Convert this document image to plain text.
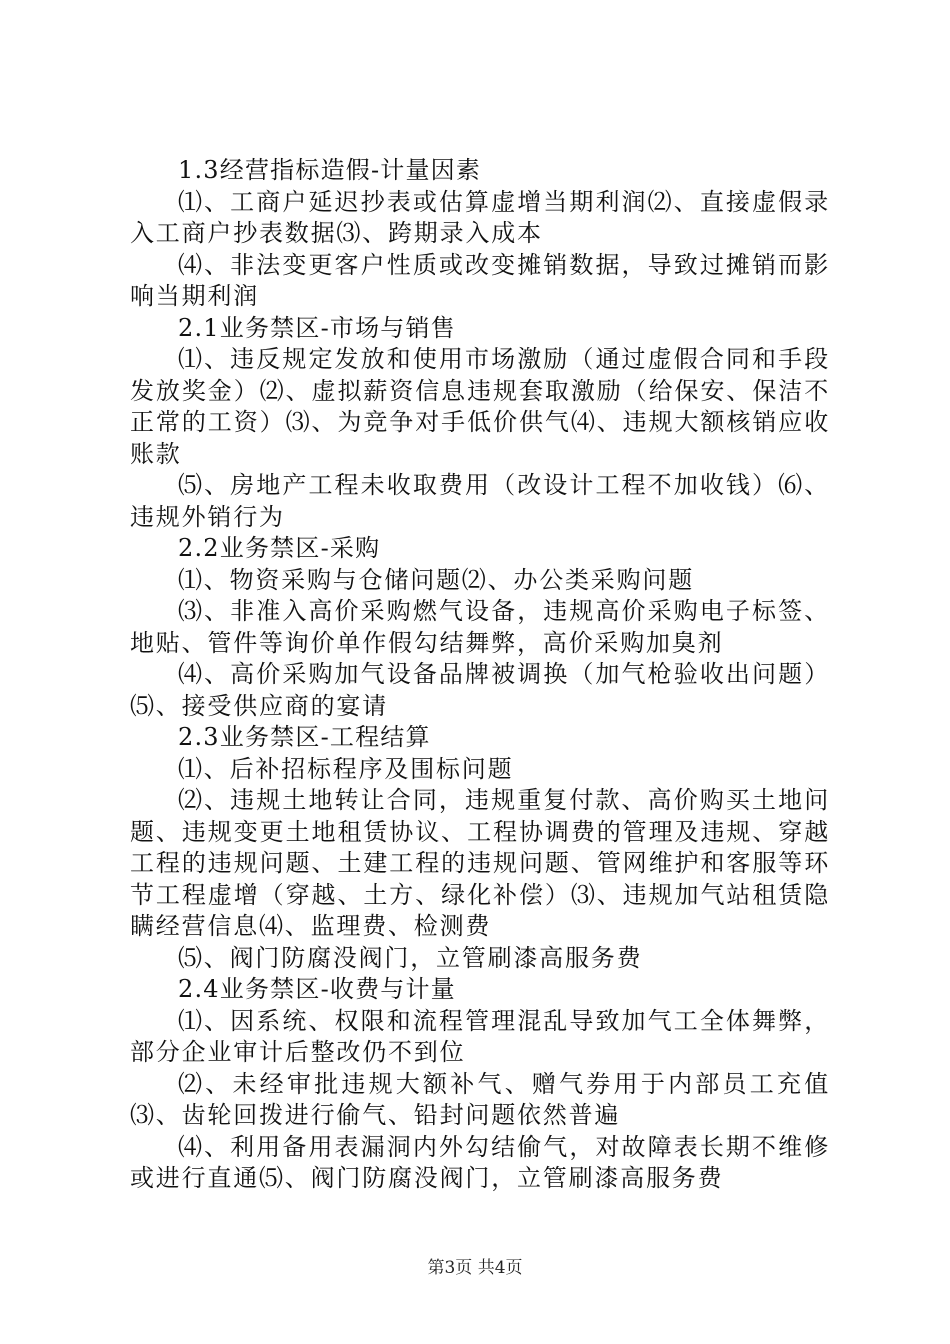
1.3经营指标造假-计量因素

⑴、工商户延迟抄表或估算虚增当期利润⑵、直接虚假录入工商户抄表数据⑶、跨期录入成本

⑷、非法变更客户性质或改变摊销数据，导致过摊销而影响当期利润

2.1业务禁区-市场与销售

⑴、违反规定发放和使用市场激励（通过虚假合同和手段发放奖金）⑵、虚拟薪资信息违规套取激励（给保安、保洁不正常的工资）⑶、为竞争对手低价供气⑷、违规大额核销应收账款

⑸、房地产工程未收取费用（改设计工程不加收钱）⑹、违规外销行为

2.2业务禁区-采购

⑴、物资采购与仓储问题⑵、办公类采购问题

⑶、非准入高价采购燃气设备，违规高价采购电子标签、地贴、管件等询价单作假勾结舞弊，高价采购加臭剂

⑷、高价采购加气设备品牌被调换（加气枪验收出问题）⑸、接受供应商的宴请

2.3业务禁区-工程结算

⑴、后补招标程序及围标问题

⑵、违规土地转让合同，违规重复付款、高价购买土地问题、违规变更土地租赁协议、工程协调费的管理及违规、穿越工程的违规问题、土建工程的违规问题、管网维护和客服等环节工程虚增（穿越、土方、绿化补偿）⑶、违规加气站租赁隐瞒经营信息⑷、监理费、检测费

⑸、阀门防腐没阀门，立管刷漆高服务费

2.4业务禁区-收费与计量

⑴、因系统、权限和流程管理混乱导致加气工全体舞弊，部分企业审计后整改仍不到位

⑵、未经审批违规大额补气、赠气券用于内部员工充值⑶、齿轮回拨进行偷气、铅封问题依然普遍

⑷、利用备用表漏洞内外勾结偷气，对故障表长期不维修或进行直通⑸、阀门防腐没阀门，立管刷漆高服务费

第3页 共4页
